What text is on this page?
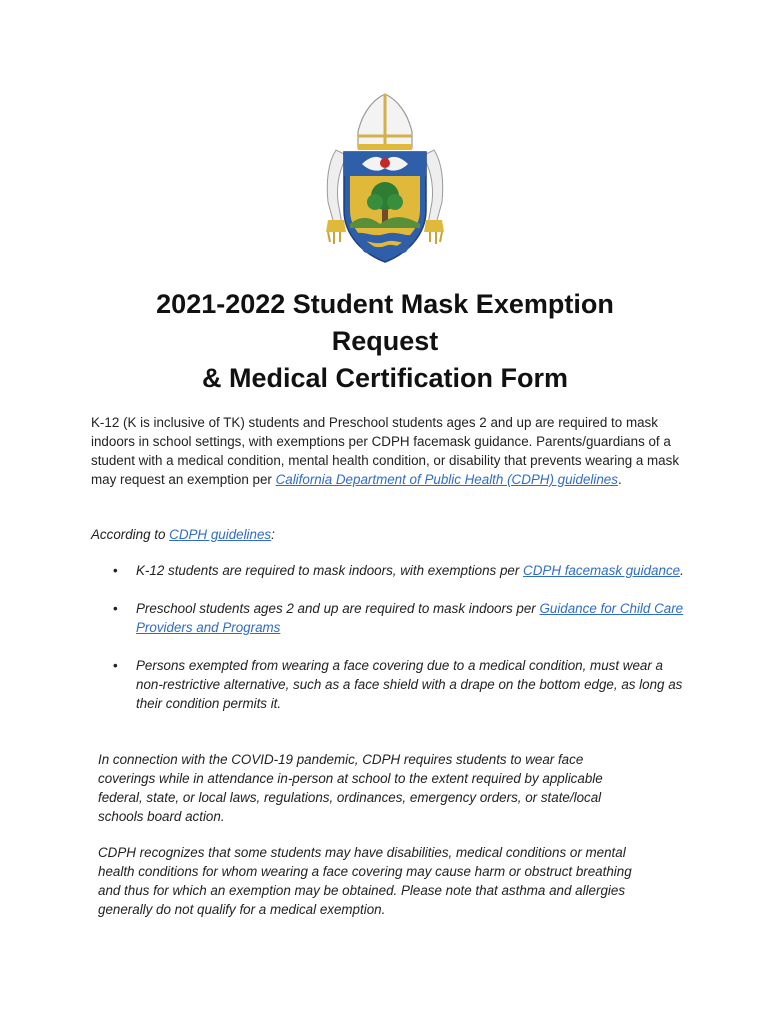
2021-2022 Student Mask Exemption
Request
& Medical Certification Form

K-12 (K is inclusive of TK) students and Preschool students ages 2 and up are required to mask indoors in school settings, with exemptions per CDPH facemask guidance. Parents/guardians of a student with a medical condition, mental health condition, or disability that prevents wearing a mask may request an exemption per California Department of Public Health (CDPH) guidelines.

According to CDPH guidelines:

• K-12 students are required to mask indoors, with exemptions per CDPH facemask guidance.
• Preschool students ages 2 and up are required to mask indoors per Guidance for Child Care Providers and Programs
• Persons exempted from wearing a face covering due to a medical condition, must wear a non-restrictive alternative, such as a face shield with a drape on the bottom edge, as long as their condition permits it.

In connection with the COVID-19 pandemic, CDPH requires students to wear face coverings while in attendance in-person at school to the extent required by applicable federal, state, or local laws, regulations, ordinances, emergency orders, or state/local schools board action.

CDPH recognizes that some students may have disabilities, medical conditions or mental health conditions for whom wearing a face covering may cause harm or obstruct breathing and thus for which an exemption may be obtained. Please note that asthma and allergies generally do not qualify for a medical exemption.
